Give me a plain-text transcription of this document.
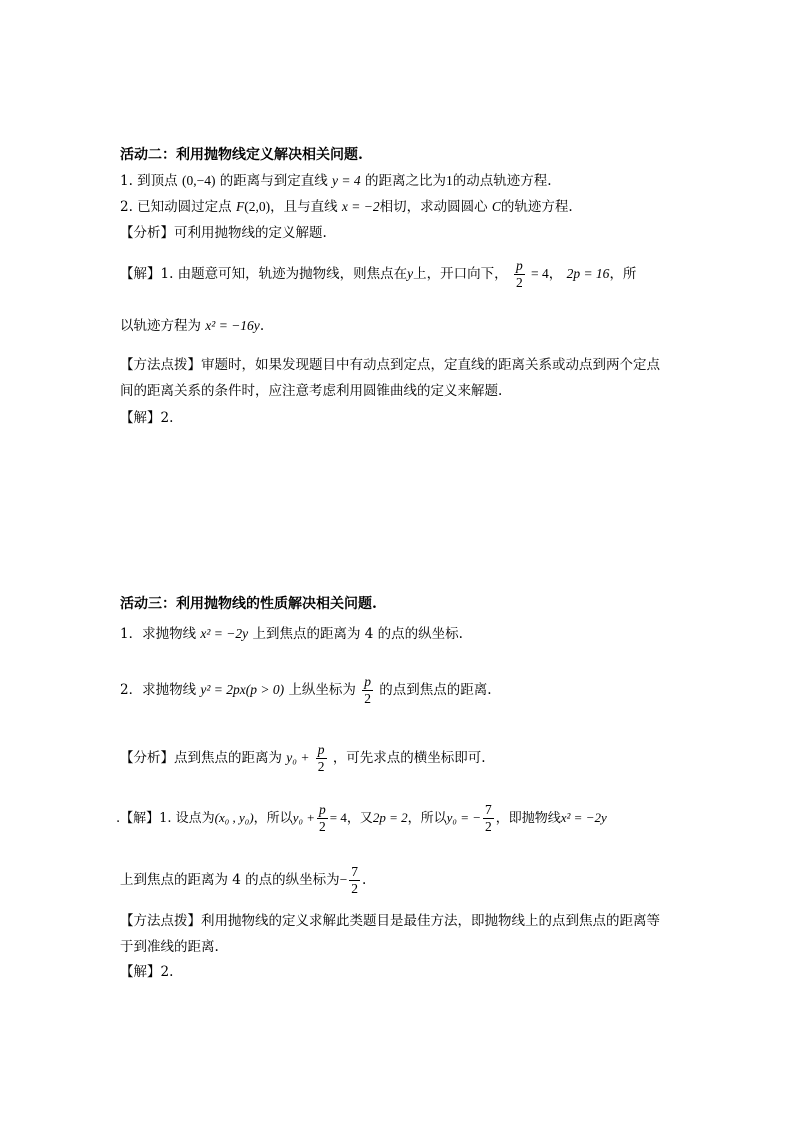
活动二：利用抛物线定义解决相关问题.
1. 到顶点 (0,−4) 的距离与到定直线 y = 4 的距离之比为1的动点轨迹方程.
2. 已知动圆过定点 F(2,0)，且与直线 x = −2相切，求动圆圆心 C的轨迹方程.
【分析】可利用抛物线的定义解题.
【解】1. 由题意可知，轨迹为抛物线，则焦点在y上，开口向下， $\frac{p}{2} = 4$， 2p = 16，所
以轨迹方程为 x² = −16y.
【方法点拨】审题时，如果发现题目中有动点到定点，定直线的距离关系或动点到两个定点
间的距离关系的条件时，应注意考虑利用圆锥曲线的定义来解题.
【解】2.
活动三：利用抛物线的性质解决相关问题.
1．求抛物线 x² = −2y 上到焦点的距离为 4 的点的纵坐标.
2．求抛物线 y² = 2px(p > 0) 上纵坐标为 $\frac{p}{2}$ 的点到焦点的距离.
【分析】点到焦点的距离为 $y_0 + \frac{p}{2}$ ，可先求点的横坐标即可.
.【解】1. 设点为(x₀ , y₀)，所以$y_0 + \frac{p}{2} = 4$，又2p = 2，所以y₀ = − $\frac{7}{2}$ ，即抛物线x² = −2y
上到焦点的距离为 4 的点的纵坐标为− $\frac{7}{2}$ .
【方法点拨】利用抛物线的定义求解此类题目是最佳方法，即抛物线上的点到焦点的距离等
于到准线的距离.
【解】2.
